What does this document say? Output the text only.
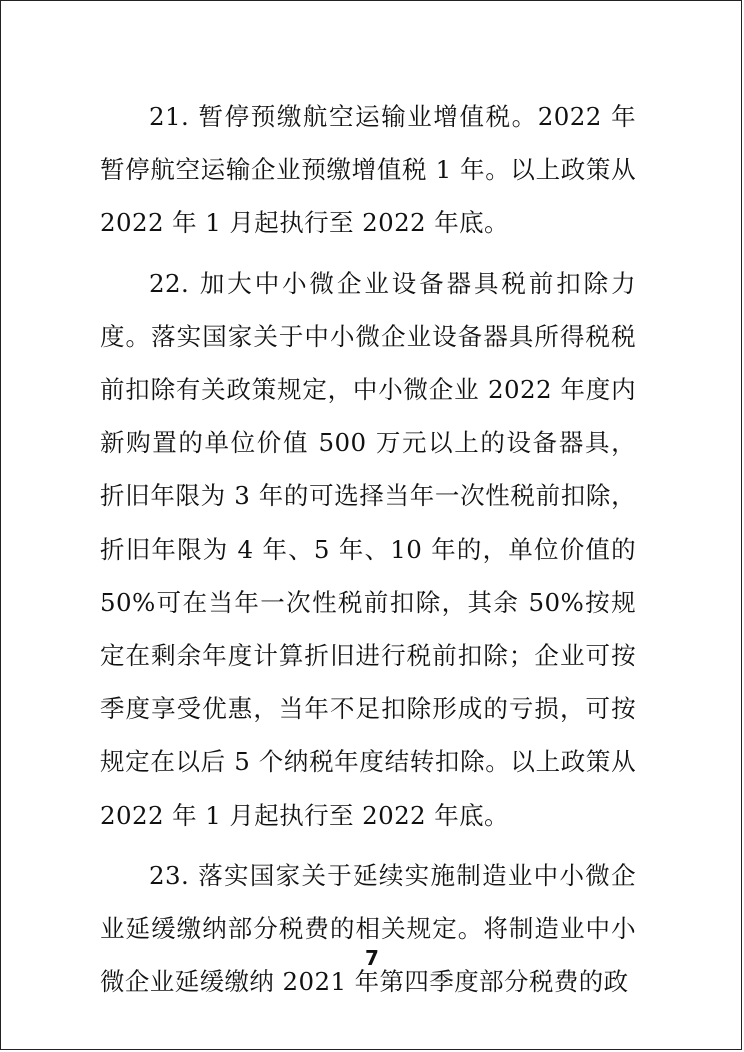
21. 暂停预缴航空运输业增值税。2022 年暂停航空运输企业预缴增值税 1 年。以上政策从 2022 年 1 月起执行至 2022 年底。

22. 加大中小微企业设备器具税前扣除力度。落实国家关于中小微企业设备器具所得税税前扣除有关政策规定，中小微企业 2022 年度内新购置的单位价值 500 万元以上的设备器具，折旧年限为 3 年的可选择当年一次性税前扣除，折旧年限为 4 年、5 年、10 年的，单位价值的 50%可在当年一次性税前扣除，其余 50%按规定在剩余年度计算折旧进行税前扣除；企业可按季度享受优惠，当年不足扣除形成的亏损，可按规定在以后 5 个纳税年度结转扣除。以上政策从 2022 年 1 月起执行至 2022 年底。

23. 落实国家关于延续实施制造业中小微企业延缓缴纳部分税费的相关规定。将制造业中小微企业延缓缴纳 2021 年第四季度部分税费的政

7
